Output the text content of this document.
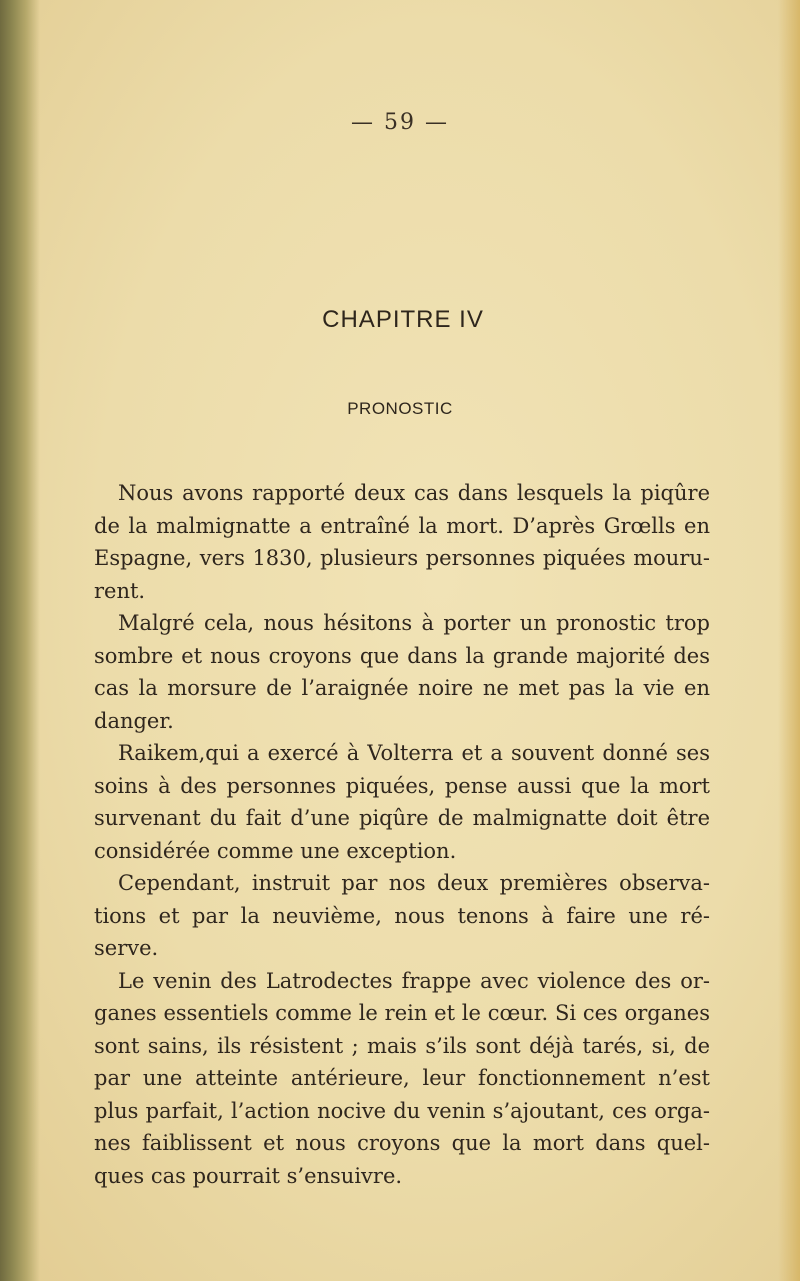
— 59 —
CHAPITRE IV
PRONOSTIC

Nous avons rapporté deux cas dans lesquels la piqûre
de la malmignatte a entraîné la mort. D’après Grœlls en
Espagne, vers 1830, plusieurs personnes piquées mouru-
rent.

Malgré cela, nous hésitons à porter un pronostic trop
sombre et nous croyons que dans la grande majorité des
cas la morsure de l’araignée noire ne met pas la vie en
danger.

Raikem,qui a exercé à Volterra et a souvent donné ses
soins à des personnes piquées, pense aussi que la mort
survenant du fait d’une piqûre de malmignatte doit être
considérée comme une exception.

Cependant, instruit par nos deux premières observa-
tions et par la neuvième, nous tenons à faire une ré-
serve.

Le venin des Latrodectes frappe avec violence des or-
ganes essentiels comme le rein et le cœur. Si ces organes
sont sains, ils résistent ; mais s’ils sont déjà tarés, si, de
par une atteinte antérieure, leur fonctionnement n’est
plus parfait, l’action nocive du venin s’ajoutant, ces orga-
nes faiblissent et nous croyons que la mort dans quel-
ques cas pourrait s’ensuivre.
